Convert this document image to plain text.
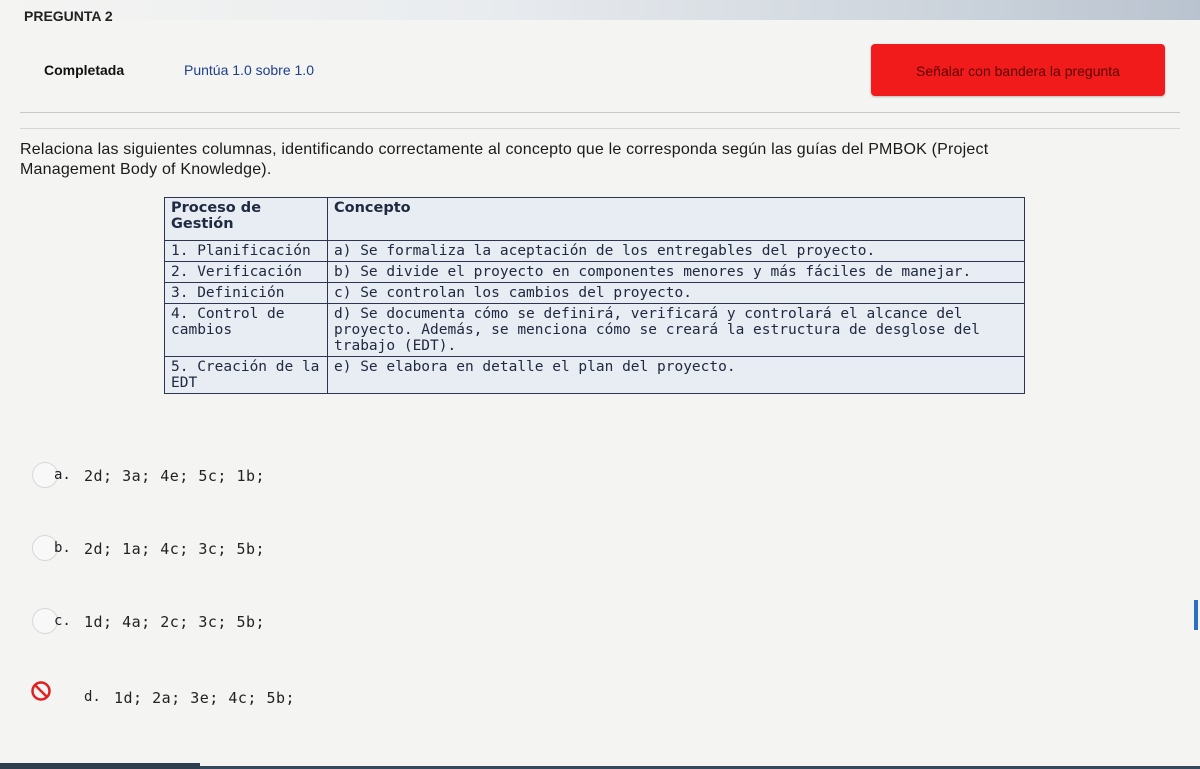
PREGUNTA 2
Completada	Puntúa 1.0 sobre 1.0	Señalar con bandera la pregunta
Relaciona las siguientes columnas, identificando correctamente al concepto que le corresponda según las guías del PMBOK (Project
Management Body of Knowledge).
Proceso de Gestión	Concepto
1. Planificación	a) Se formaliza la aceptación de los entregables del proyecto.
2. Verificación	b) Se divide el proyecto en componentes menores y más fáciles de manejar.
3. Definición	c) Se controlan los cambios del proyecto.
4. Control de cambios	d) Se documenta cómo se definirá, verificará y controlará el alcance del proyecto. Además, se menciona cómo se creará la estructura de desglose del trabajo (EDT).
5. Creación de la EDT	e) Se elabora en detalle el plan del proyecto.
a. 2d; 3a; 4e; 5c; 1b;
b. 2d; 1a; 4c; 3c; 5b;
c. 1d; 4a; 2c; 3c; 5b;
d. 1d; 2a; 3e; 4c; 5b;
